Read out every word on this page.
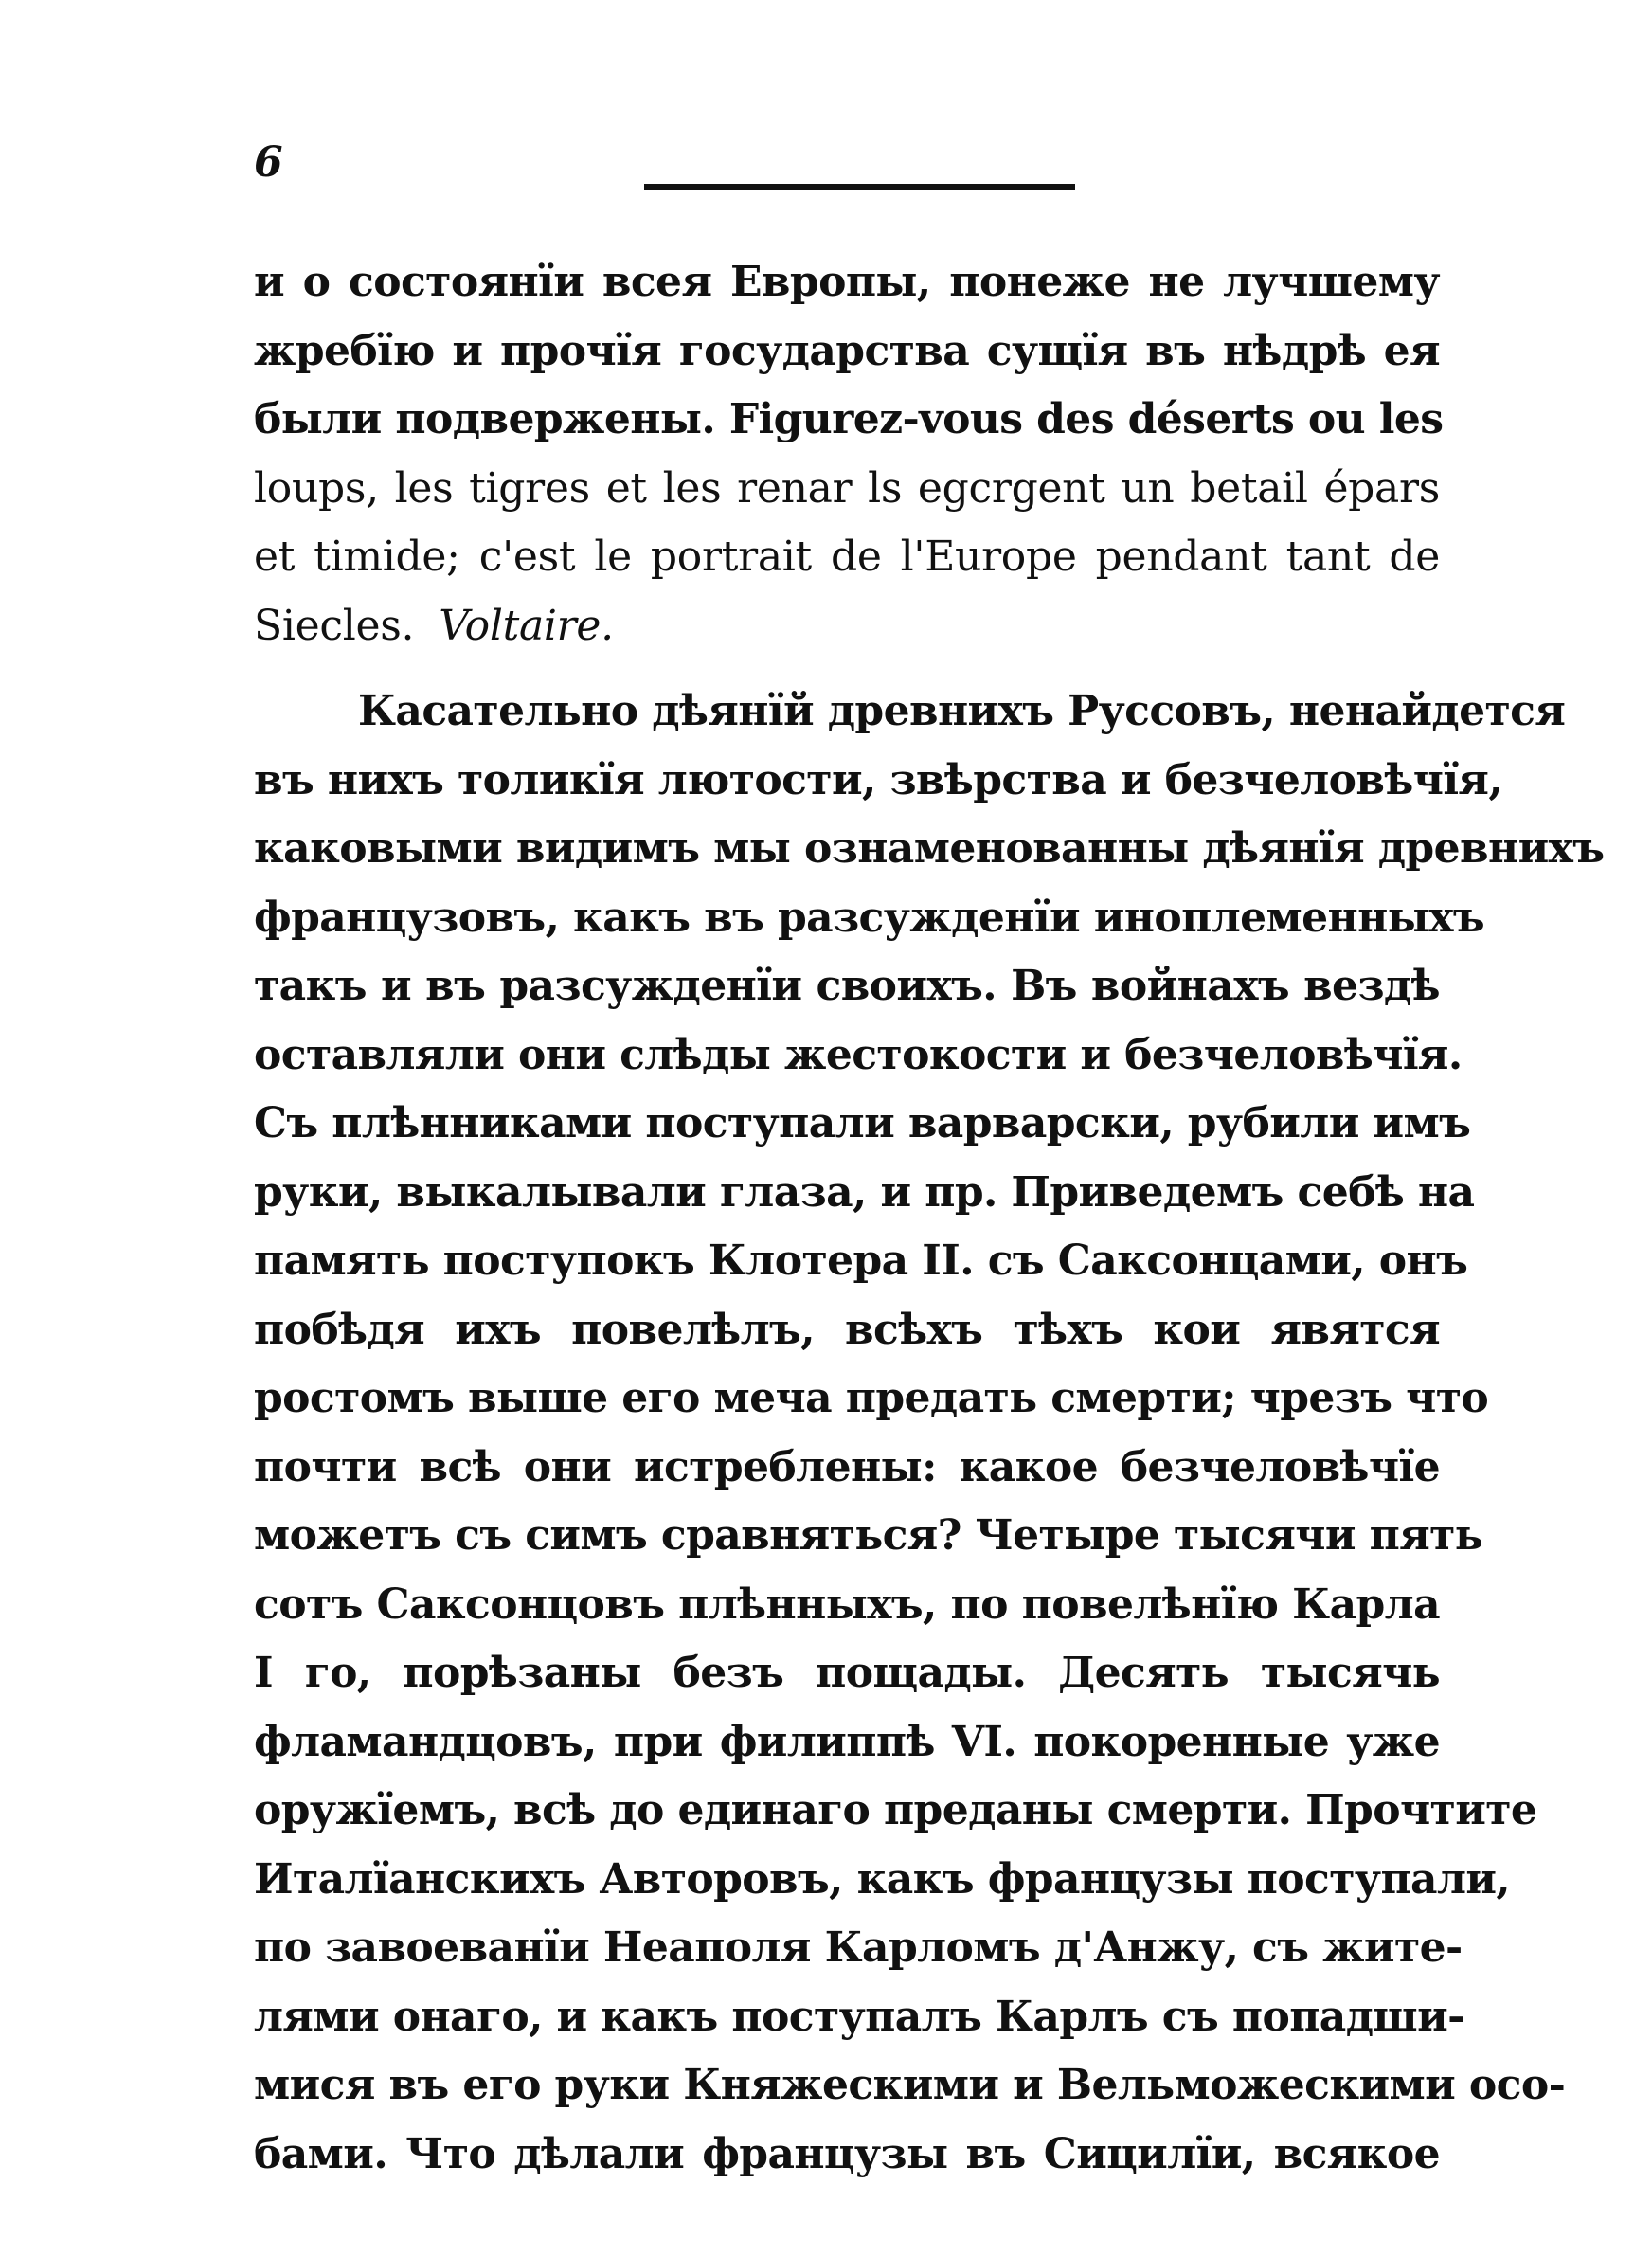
6
и о состоянїи всея Европы, понеже не лучшему
жребїю и прочїя государства сущїя въ нѣдрѣ ея
были подвержены. Figurez-vous des déserts ou les
loups, les tigres et les renar ls egcrgent un betail épars
et timide; c'est le portrait de l'Europe pendant tant de
Siecles. Voltaire.
Касательно дѣянїй древнихъ Руссовъ, ненайдется
въ нихъ толикїя лютости, звѣрства и безчеловѣчїя,
каковыми видимъ мы ознаменованны дѣянїя древнихъ
французовъ, какъ въ разсужденїи иноплеменныхъ
такъ и въ разсужденїи своихъ. Въ войнахъ вездѣ
оставляли они слѣды жестокости и безчеловѣчїя.
Съ плѣнниками поступали варварски, рубили имъ
руки, выкалывали глаза, и пр. Приведемъ себѣ на
память поступокъ Клотера II. съ Саксонцами, онъ
побѣдя ихъ повелѣлъ, всѣхъ тѣхъ кои явятся
ростомъ выше его меча предать смерти; чрезъ что
почти всѣ они истреблены: какое безчеловѣчїе
можетъ съ симъ сравняться? Четыре тысячи пять
сотъ Саксонцовъ плѣнныхъ, по повелѣнїю Карла
I го, порѣзаны безъ пощады. Десять тысячь
фламандцовъ, при филиппѣ VI. покоренные уже
оружїемъ, всѣ до единаго преданы смерти. Прочтите
Италїанскихъ Авторовъ, какъ французы поступали,
по завоеванїи Неаполя Карломъ д'Анжу, съ жите-
лями онаго, и какъ поступалъ Карлъ съ попадши-
мися въ его руки Княжескими и Вельможескими осо-
бами. Что дѣлали французы въ Сицилїи, всякое
